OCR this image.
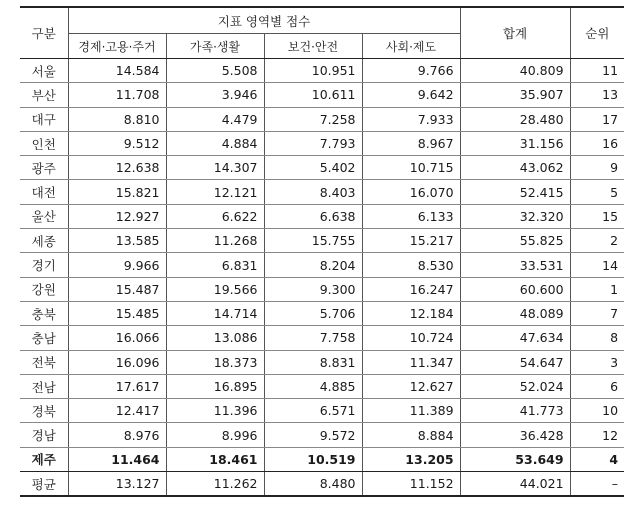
구분	지표 영역별 점수				합계	순위
	경제·고용·주거	가족·생활	보건·안전	사회·제도		
서울	14.584	5.508	10.951	9.766	40.809	11
부산	11.708	3.946	10.611	9.642	35.907	13
대구	8.810	4.479	7.258	7.933	28.480	17
인천	9.512	4.884	7.793	8.967	31.156	16
광주	12.638	14.307	5.402	10.715	43.062	9
대전	15.821	12.121	8.403	16.070	52.415	5
울산	12.927	6.622	6.638	6.133	32.320	15
세종	13.585	11.268	15.755	15.217	55.825	2
경기	9.966	6.831	8.204	8.530	33.531	14
강원	15.487	19.566	9.300	16.247	60.600	1
충북	15.485	14.714	5.706	12.184	48.089	7
충남	16.066	13.086	7.758	10.724	47.634	8
전북	16.096	18.373	8.831	11.347	54.647	3
전남	17.617	16.895	4.885	12.627	52.024	6
경북	12.417	11.396	6.571	11.389	41.773	10
경남	8.976	8.996	9.572	8.884	36.428	12
제주	11.464	18.461	10.519	13.205	53.649	4
평균	13.127	11.262	8.480	11.152	44.021	–
